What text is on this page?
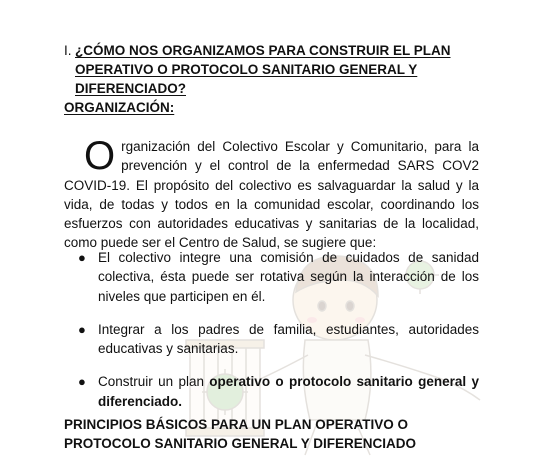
I. ¿CÓMO NOS ORGANIZAMOS PARA CONSTRUIR EL PLAN OPERATIVO O PROTOCOLO SANITARIO GENERAL Y DIFERENCIADO?
ORGANIZACIÓN:
Organización del Colectivo Escolar y Comunitario, para la prevención y el control de la enfermedad SARS COV2 COVID-19. El propósito del colectivo es salvaguardar la salud y la vida, de todas y todos en la comunidad escolar, coordinando los esfuerzos con autoridades educativas y sanitarias de la localidad, como puede ser el Centro de Salud, se sugiere que:
● El colectivo integre una comisión de cuidados de sanidad colectiva, ésta puede ser rotativa según la interacción de los niveles que participen en él.
● Integrar a los padres de familia, estudiantes, autoridades educativas y sanitarias.
● Construir un plan operativo o protocolo sanitario general y diferenciado.
PRINCIPIOS BÁSICOS PARA UN PLAN OPERATIVO O PROTOCOLO SANITARIO GENERAL Y DIFERENCIADO
